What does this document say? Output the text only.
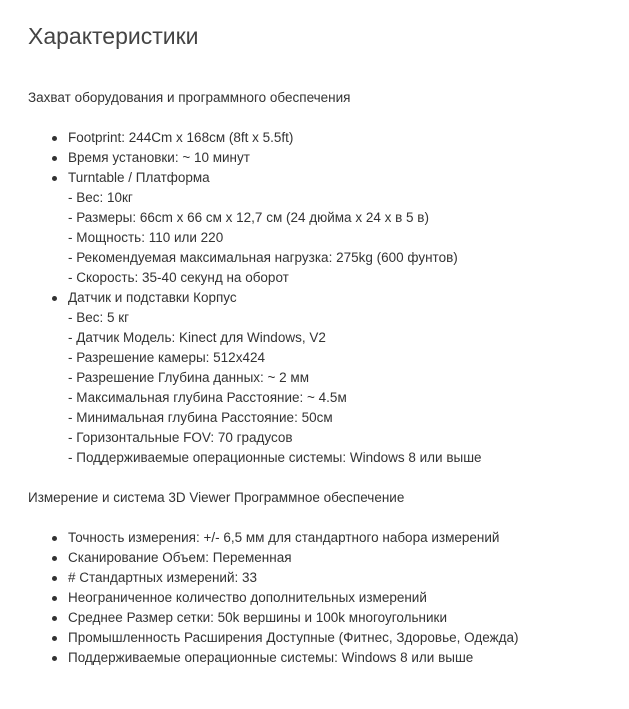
Характеристики

Захват оборудования и программного обеспечения

Footprint: 244Cm x 168см (8ft x 5.5ft)
Время установки: ~ 10 минут
Turntable / Платформа
- Вес: 10кг
- Размеры: 66cm x 66 см x 12,7 см (24 дюйма x 24 x в 5 в)
- Мощность: 110 или 220
- Рекомендуемая максимальная нагрузка: 275kg (600 фунтов)
- Скорость: 35-40 секунд на оборот
Датчик и подставки Корпус
- Вес: 5 кг
- Датчик Модель: Kinect для Windows, V2
- Разрешение камеры: 512x424
- Разрешение Глубина данных: ~ 2 мм
- Максимальная глубина Расстояние: ~ 4.5м
- Минимальная глубина Расстояние: 50см
- Горизонтальные FOV: 70 градусов
- Поддерживаемые операционные системы: Windows 8 или выше

Измерение и система 3D Viewer Программное обеспечение

Точность измерения: +/- 6,5 мм для стандартного набора измерений
Сканирование Объем: Переменная
# Стандартных измерений: 33
Неограниченное количество дополнительных измерений
Среднее Размер сетки: 50k вершины и 100k многоугольники
Промышленность Расширения Доступные (Фитнес, Здоровье, Одежда)
Поддерживаемые операционные системы: Windows 8 или выше
